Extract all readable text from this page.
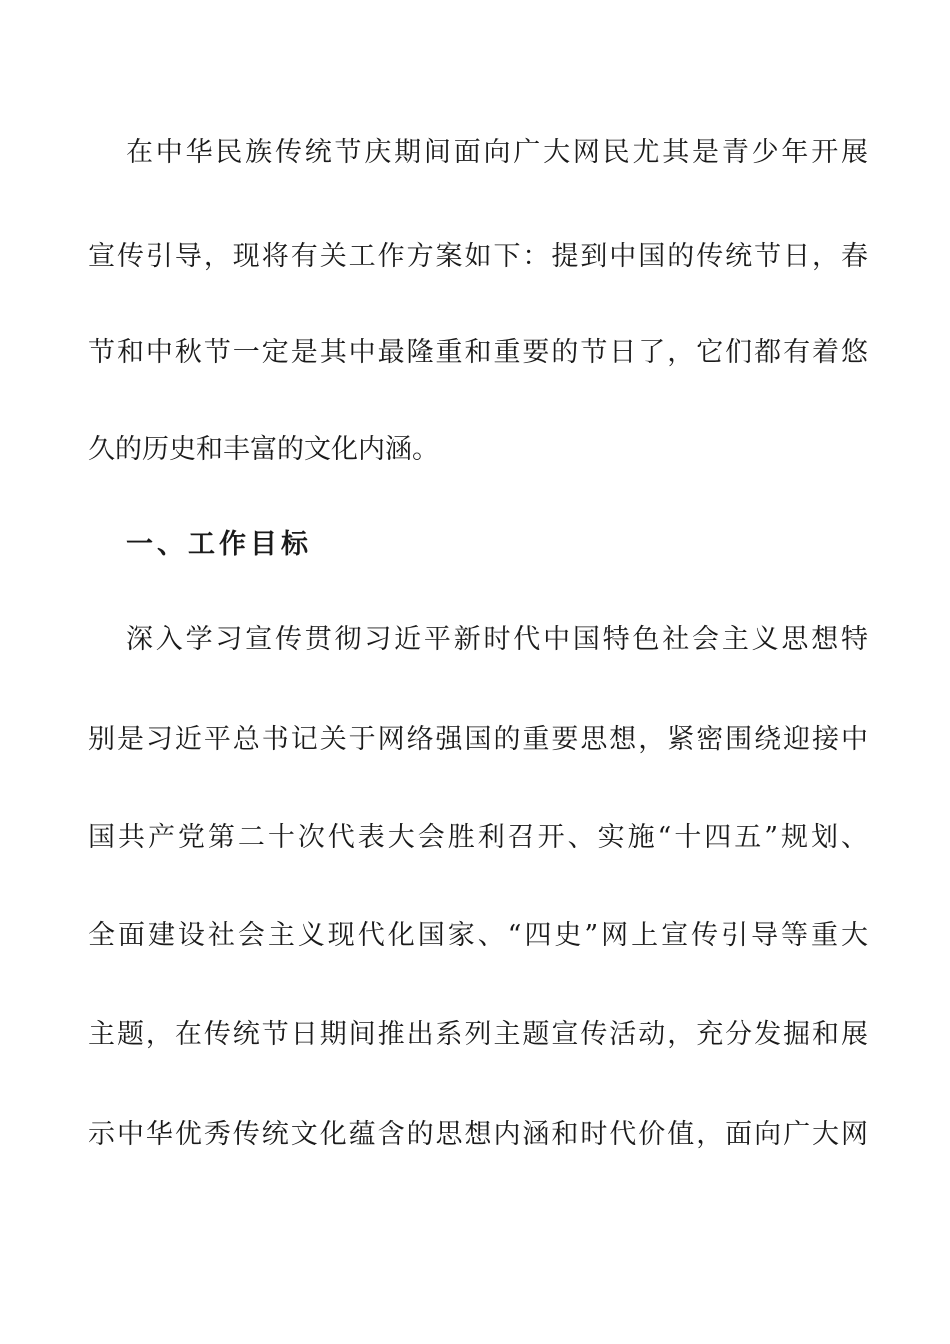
在中华民族传统节庆期间面向广大网民尤其是青少年开展
宣传引导，现将有关工作方案如下：提到中国的传统节日，春
节和中秋节一定是其中最隆重和重要的节日了，它们都有着悠
久的历史和丰富的文化内涵。
一、工作目标
深入学习宣传贯彻习近平新时代中国特色社会主义思想特
别是习近平总书记关于网络强国的重要思想，紧密围绕迎接中
国共产党第二十次代表大会胜利召开、实施“十四五”规划、
全面建设社会主义现代化国家、“四史”网上宣传引导等重大
主题，在传统节日期间推出系列主题宣传活动，充分发掘和展
示中华优秀传统文化蕴含的思想内涵和时代价值，面向广大网
